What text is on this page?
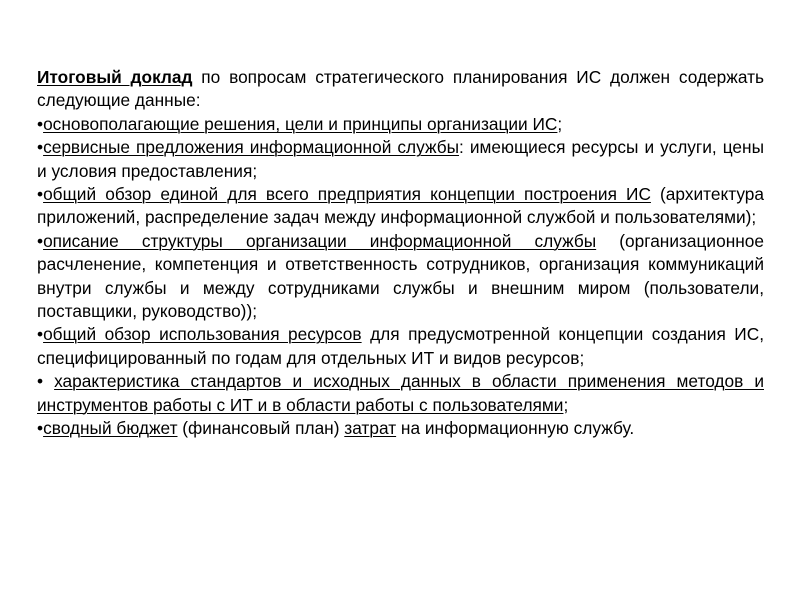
Итоговый доклад по вопросам стратегического планирования ИС должен содержать следующие данные:

•основополагающие решения, цели и принципы организации ИС;

•сервисные предложения информационной службы: имеющиеся ресурсы и услуги, цены и условия предоставления;

•общий обзор единой для всего предприятия концепции построения ИС (архитектура приложений, распределение задач между информационной службой и пользователями);

•описание структуры организации информационной службы (организационное расчленение, компетенция и ответственность сотрудников, организация коммуникаций внутри службы и между сотрудниками службы и внешним миром (пользователи, поставщики, руководство));

•общий обзор использования ресурсов для предусмотренной концепции создания ИС, специфицированный по годам для отдельных ИТ и видов ресурсов;

• характеристика стандартов и исходных данных в области применения методов и инструментов работы с ИТ и в области работы с пользователями;

•сводный бюджет (финансовый план) затрат на информационную службу.
